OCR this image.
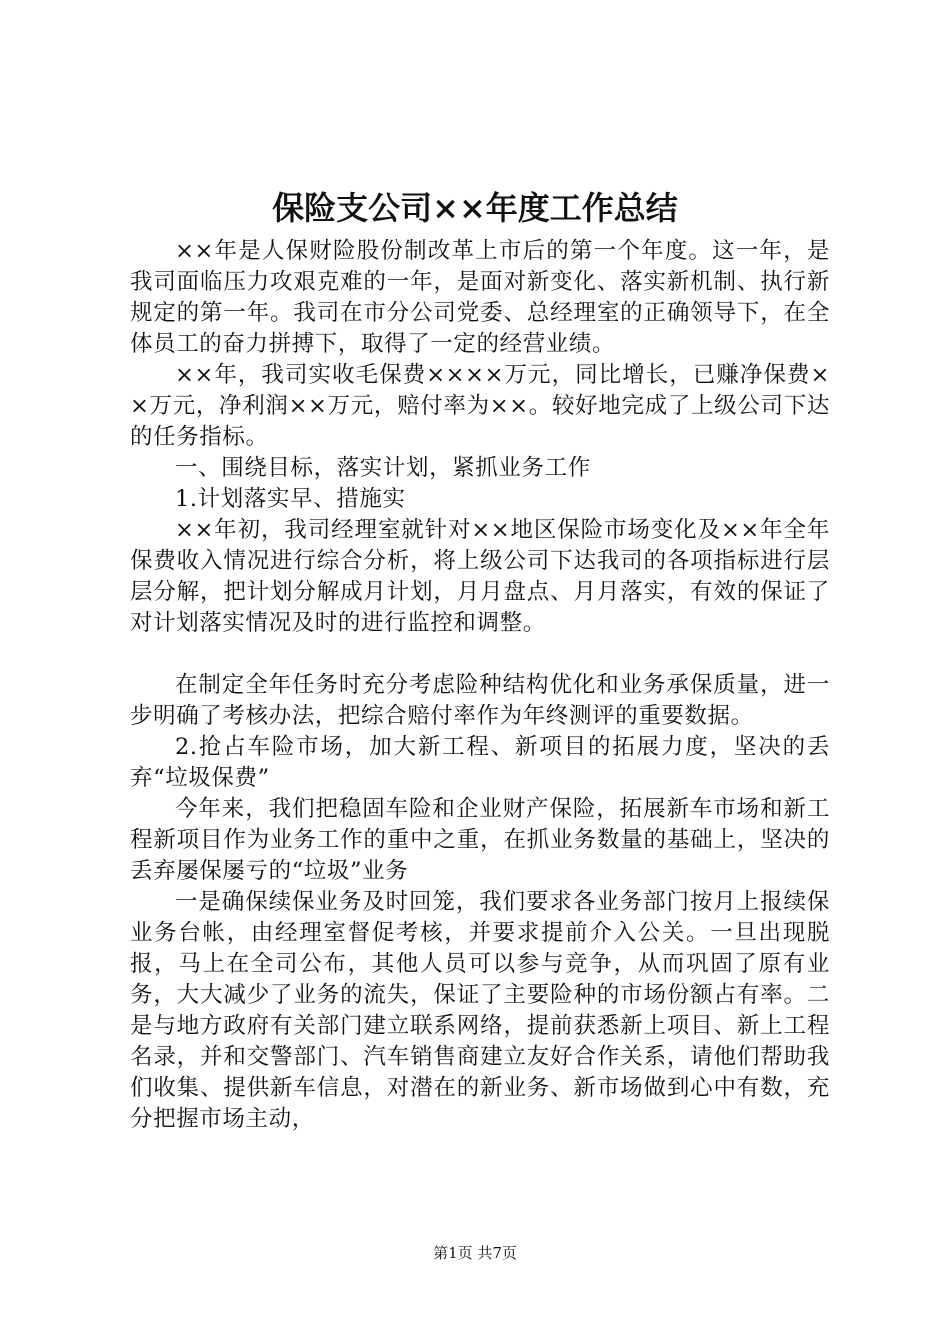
保险支公司××年度工作总结

××年是人保财险股份制改革上市后的第一个年度。这一年，是我司面临压力攻艰克难的一年，是面对新变化、落实新机制、执行新规定的第一年。我司在市分公司党委、总经理室的正确领导下，在全体员工的奋力拼搏下，取得了一定的经营业绩。

××年，我司实收毛保费××××万元，同比增长，已赚净保费××万元，净利润××万元，赔付率为××。较好地完成了上级公司下达的任务指标。

一、围绕目标，落实计划，紧抓业务工作

1.计划落实早、措施实

××年初，我司经理室就针对××地区保险市场变化及××年全年保费收入情况进行综合分析，将上级公司下达我司的各项指标进行层层分解，把计划分解成月计划，月月盘点、月月落实，有效的保证了对计划落实情况及时的进行监控和调整。

在制定全年任务时充分考虑险种结构优化和业务承保质量，进一步明确了考核办法，把综合赔付率作为年终测评的重要数据。

2.抢占车险市场，加大新工程、新项目的拓展力度，坚决的丢弃“垃圾保费”

今年来，我们把稳固车险和企业财产保险，拓展新车市场和新工程新项目作为业务工作的重中之重，在抓业务数量的基础上，坚决的丢弃屡保屡亏的“垃圾”业务

一是确保续保业务及时回笼，我们要求各业务部门按月上报续保业务台帐，由经理室督促考核，并要求提前介入公关。一旦出现脱报，马上在全司公布，其他人员可以参与竞争，从而巩固了原有业务，大大减少了业务的流失，保证了主要险种的市场份额占有率。二是与地方政府有关部门建立联系网络，提前获悉新上项目、新上工程名录，并和交警部门、汽车销售商建立友好合作关系，请他们帮助我们收集、提供新车信息，对潜在的新业务、新市场做到心中有数，充分把握市场主动，

第1页 共7页
